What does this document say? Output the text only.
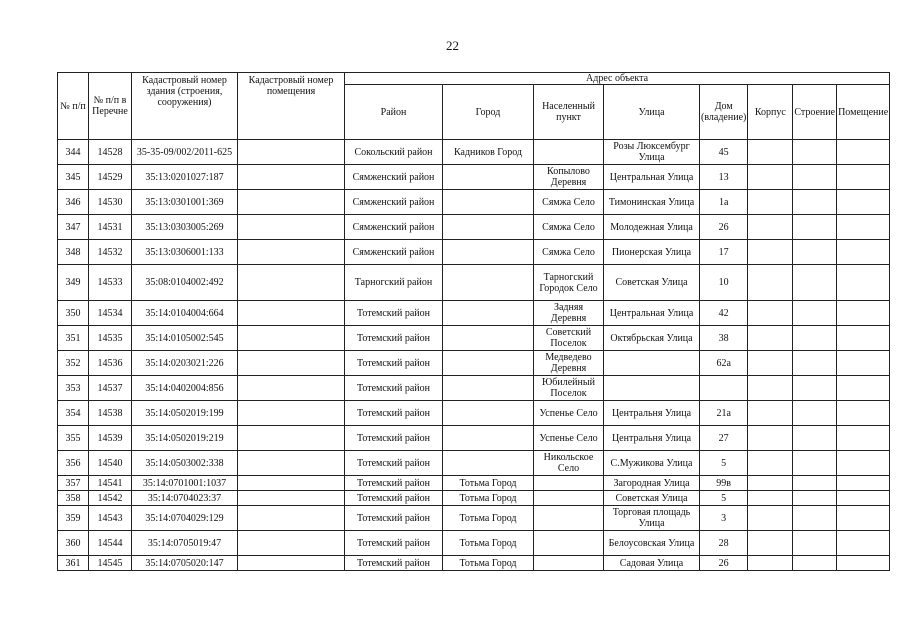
22
№ п/п	№ п/п в Перечне	Кадастровый номер здания (строения, сооружения)	Кадастровый номер помещения	Адрес объекта							
				Район	Город	Населенный пункт	Улица	Дом (владение)	Корпус	Строение	Помещение
344	14528	35-35-09/002/2011-625		Сокольский район	Кадников Город		Розы Люксембург Улица	45			
345	14529	35:13:0201027:187		Сямженский район		Копылово Деревня	Центральная Улица	13			
346	14530	35:13:0301001:369		Сямженский район		Сямжа Село	Тимонинская Улица	1а			
347	14531	35:13:0303005:269		Сямженский район		Сямжа Село	Молодежная Улица	26			
348	14532	35:13:0306001:133		Сямженский район		Сямжа Село	Пионерская Улица	17			
349	14533	35:08:0104002:492		Тарногский район		Тарногский Городок Село	Советская Улица	10			
350	14534	35:14:0104004:664		Тотемский район		Задняя Деревня	Центральная Улица	42			
351	14535	35:14:0105002:545		Тотемский район		Советский Поселок	Октябрьская Улица	38			
352	14536	35:14:0203021:226		Тотемский район		Медведево Деревня		62а			
353	14537	35:14:0402004:856		Тотемский район		Юбилейный Поселок					
354	14538	35:14:0502019:199		Тотемский район		Успенье Село	Центральня Улица	21а			
355	14539	35:14:0502019:219		Тотемский район		Успенье Село	Центральня Улица	27			
356	14540	35:14:0503002:338		Тотемский район		Никольское Село	С.Мужикова Улица	5			
357	14541	35:14:0701001:1037		Тотемский район	Тотьма Город		Загородная Улица	99в			
358	14542	35:14:0704023:37		Тотемский район	Тотьма Город		Советская Улица	5			
359	14543	35:14:0704029:129		Тотемский район	Тотьма Город		Торговая площадь Улица	3			
360	14544	35:14:0705019:47		Тотемский район	Тотьма Город		Белоусовская Улица	28			
361	14545	35:14:0705020:147		Тотемский район	Тотьма Город		Садовая Улица	26			
